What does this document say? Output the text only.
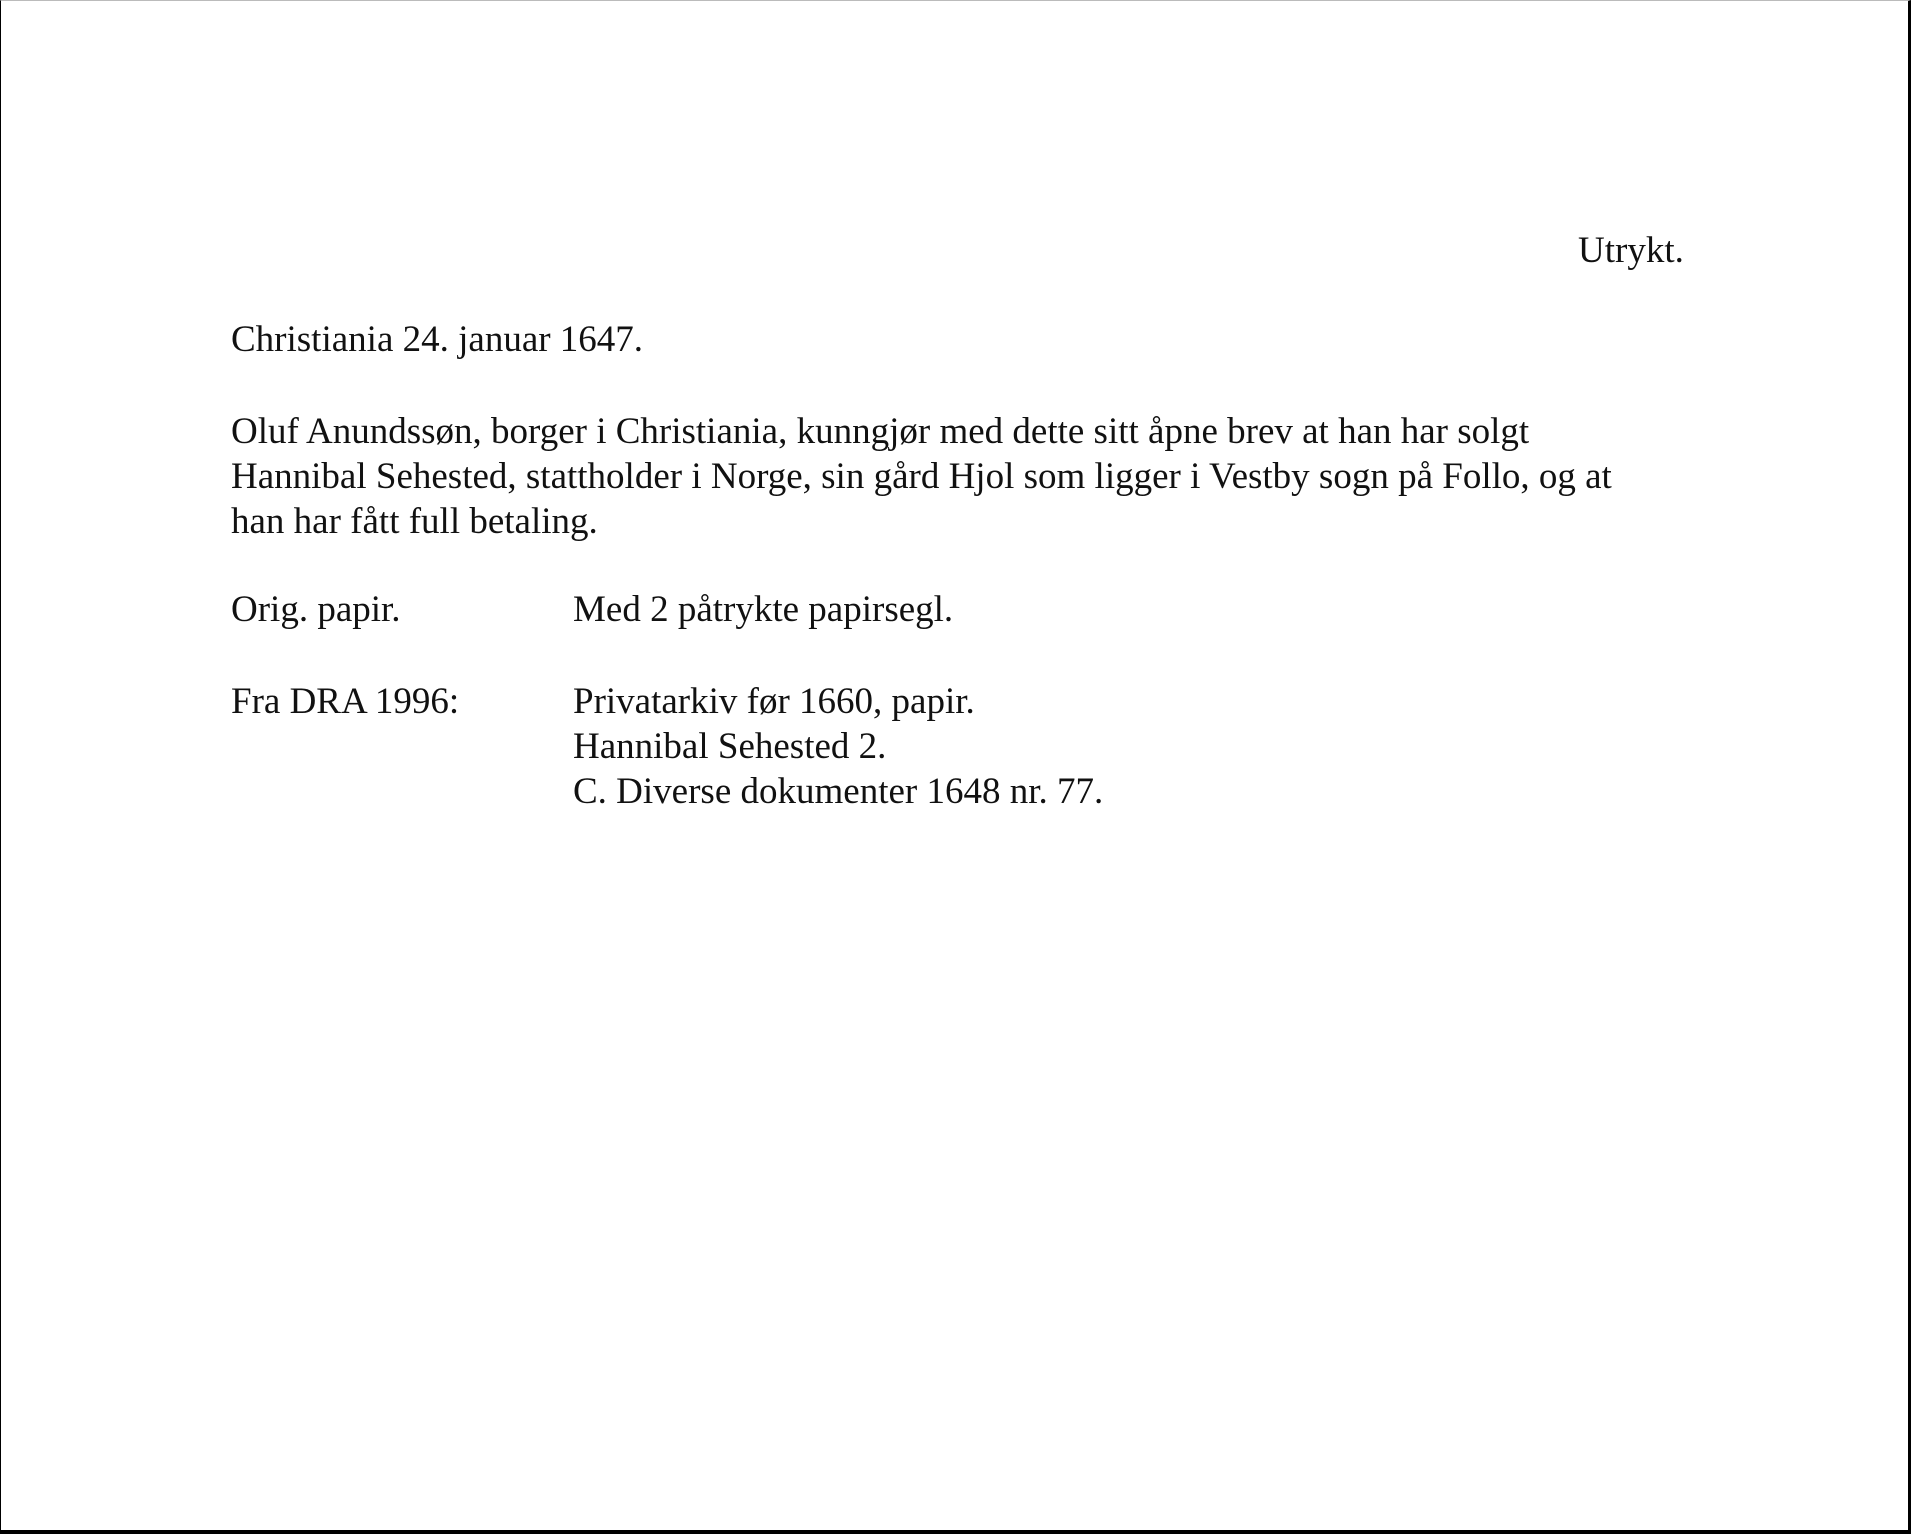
Utrykt.

Christiania 24. januar 1647.

Oluf Anundssøn, borger i Christiania, kunngjør med dette sitt åpne brev at han har solgt
Hannibal Sehested, stattholder i Norge, sin gård Hjol som ligger i Vestby sogn på Follo, og at
han har fått full betaling.

Orig. papir.	Med 2 påtrykte papirsegl.

Fra DRA 1996:	Privatarkiv før 1660, papir.
Hannibal Sehested 2.
C. Diverse dokumenter 1648 nr. 77.
